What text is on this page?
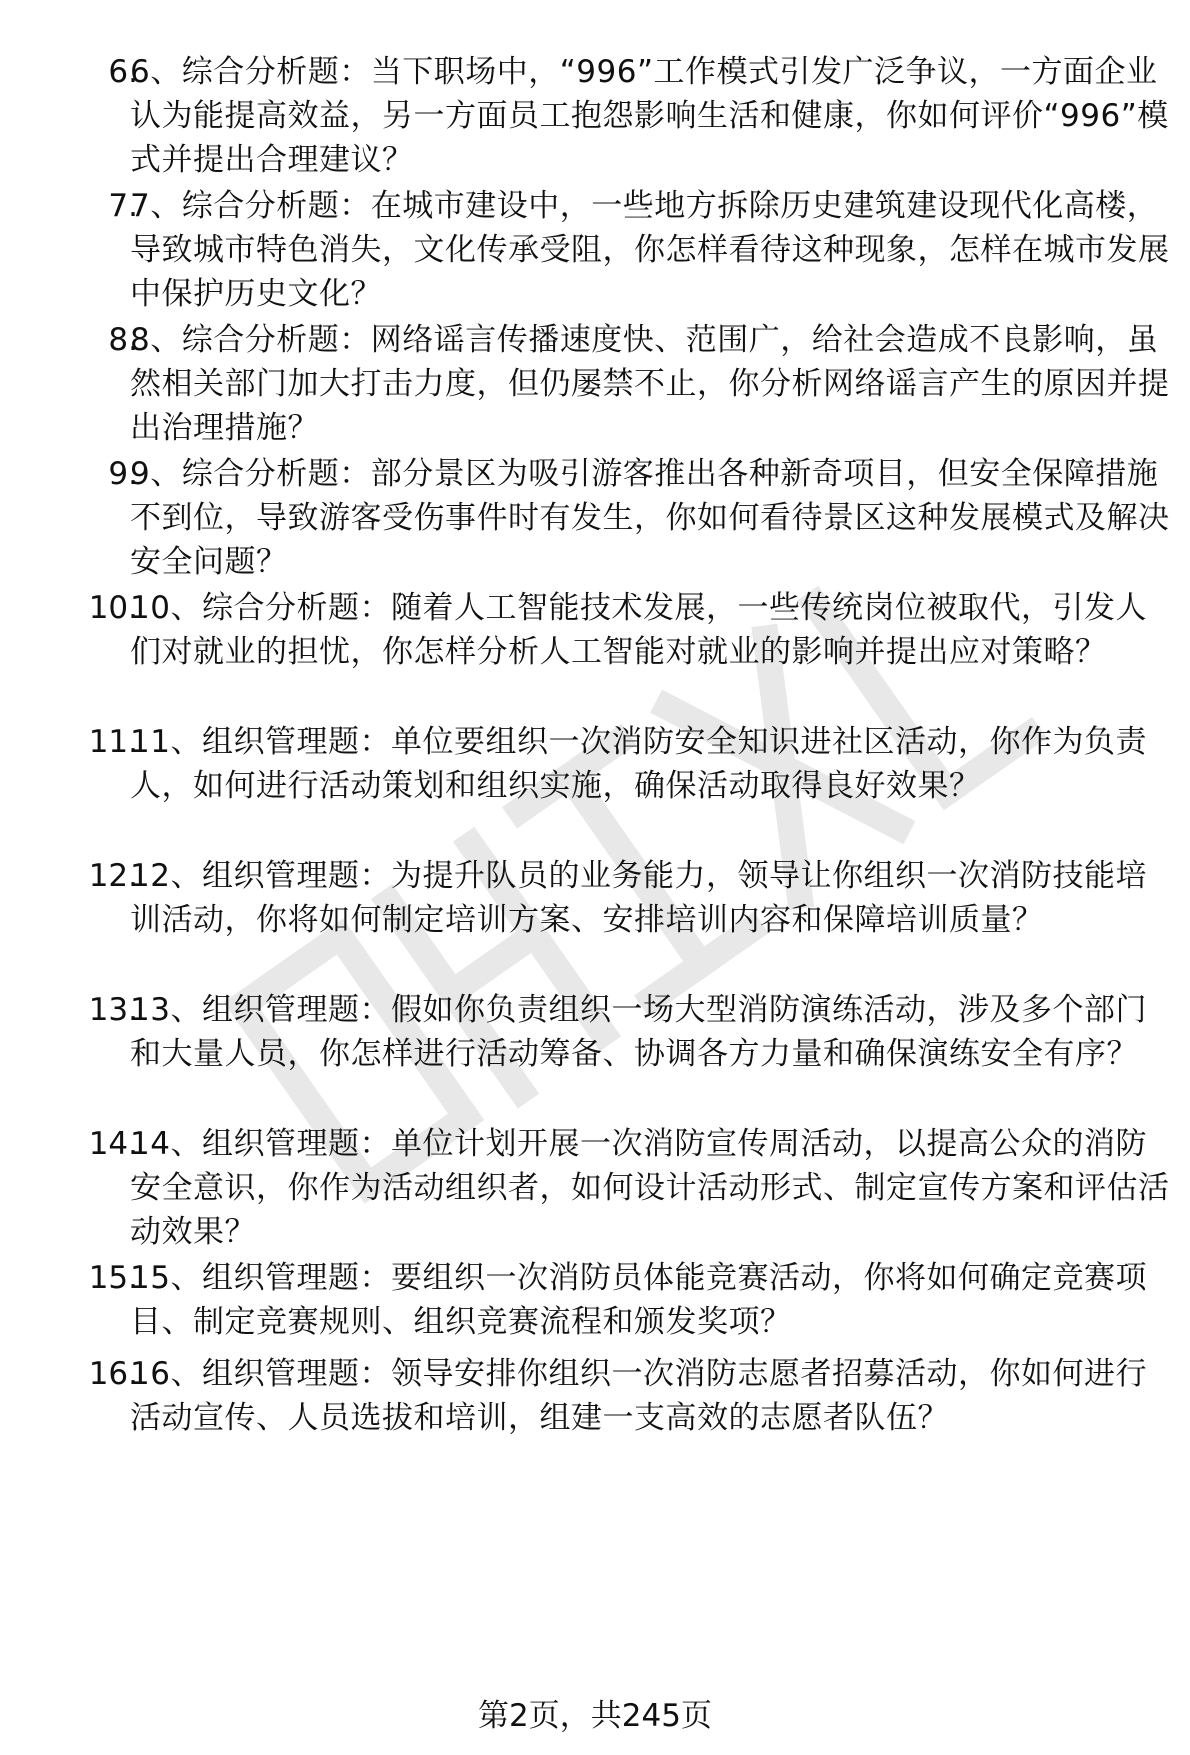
6.
6、综合分析题：当下职场中，“996”工作模式引发广泛争议，一方面企业认为能提高效益，另一方面员工抱怨影响生活和健康，你如何评价“996”模式并提出合理建议？
7.
7、综合分析题：在城市建设中，一些地方拆除历史建筑建设现代化高楼，导致城市特色消失，文化传承受阻，你怎样看待这种现象，怎样在城市发展中保护历史文化？
8.
8、综合分析题：网络谣言传播速度快、范围广，给社会造成不良影响，虽然相关部门加大打击力度，但仍屡禁不止，你分析网络谣言产生的原因并提出治理措施？
9.
9、综合分析题：部分景区为吸引游客推出各种新奇项目，但安全保障措施不到位，导致游客受伤事件时有发生，你如何看待景区这种发展模式及解决安全问题？
10.
10、综合分析题：随着人工智能技术发展，一些传统岗位被取代，引发人们对就业的担忧，你怎样分析人工智能对就业的影响并提出应对策略？
11.
11、组织管理题：单位要组织一次消防安全知识进社区活动，你作为负责人，如何进行活动策划和组织实施，确保活动取得良好效果？
12.
12、组织管理题：为提升队员的业务能力，领导让你组织一次消防技能培训活动，你将如何制定培训方案、安排培训内容和保障培训质量？
13.
13、组织管理题：假如你负责组织一场大型消防演练活动，涉及多个部门和大量人员，你怎样进行活动筹备、协调各方力量和确保演练安全有序？
14.
14、组织管理题：单位计划开展一次消防宣传周活动，以提高公众的消防安全意识，你作为活动组织者，如何设计活动形式、制定宣传方案和评估活动效果？
15.
15、组织管理题：要组织一次消防员体能竞赛活动，你将如何确定竞赛项目、制定竞赛规则、组织竞赛流程和颁发奖项？
16.
16、组织管理题：领导安排你组织一次消防志愿者招募活动，你如何进行活动宣传、人员选拔和培训，组建一支高效的志愿者队伍？
第2页，共245页
